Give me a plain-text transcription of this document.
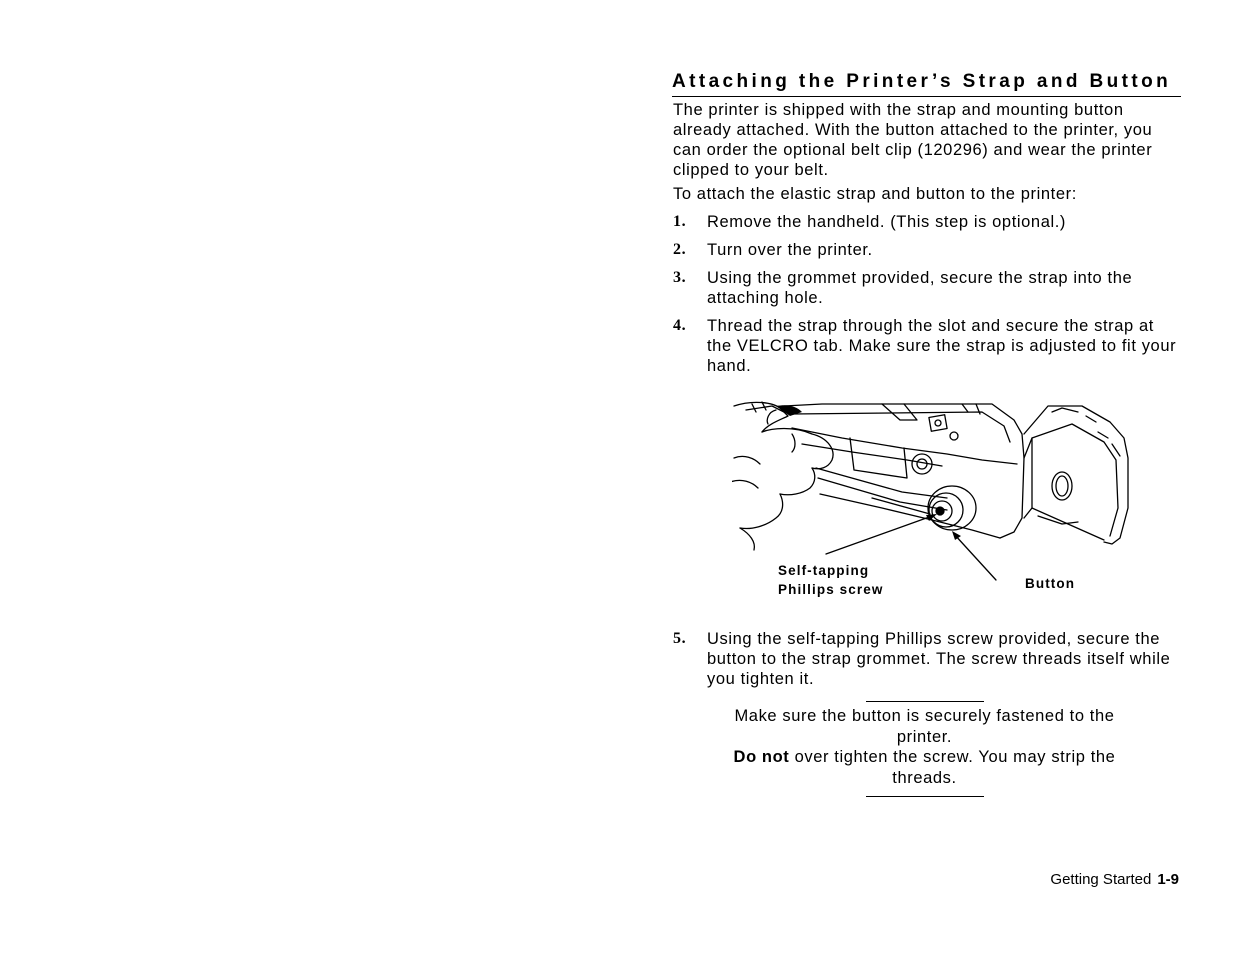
Attaching the Printer’s Strap and Button

The printer is shipped with the strap and mounting button already attached. With the button attached to the printer, you can order the optional belt clip (120296) and wear the printer clipped to your belt.

To attach the elastic strap and button to the printer:

1. Remove the handheld. (This step is optional.)
2. Turn over the printer.
3. Using the grommet provided, secure the strap into the attaching hole.
4. Thread the strap through the slot and secure the strap at the VELCRO tab. Make sure the strap is adjusted to fit your hand.
Self-tapping
Phillips screw	Button
5. Using the self-tapping Phillips screw provided, secure the button to the strap grommet. The screw threads itself while you tighten it.
Make sure the button is securely fastened to the printer.
Do not over tighten the screw. You may strip the threads.
Getting Started 1-9
